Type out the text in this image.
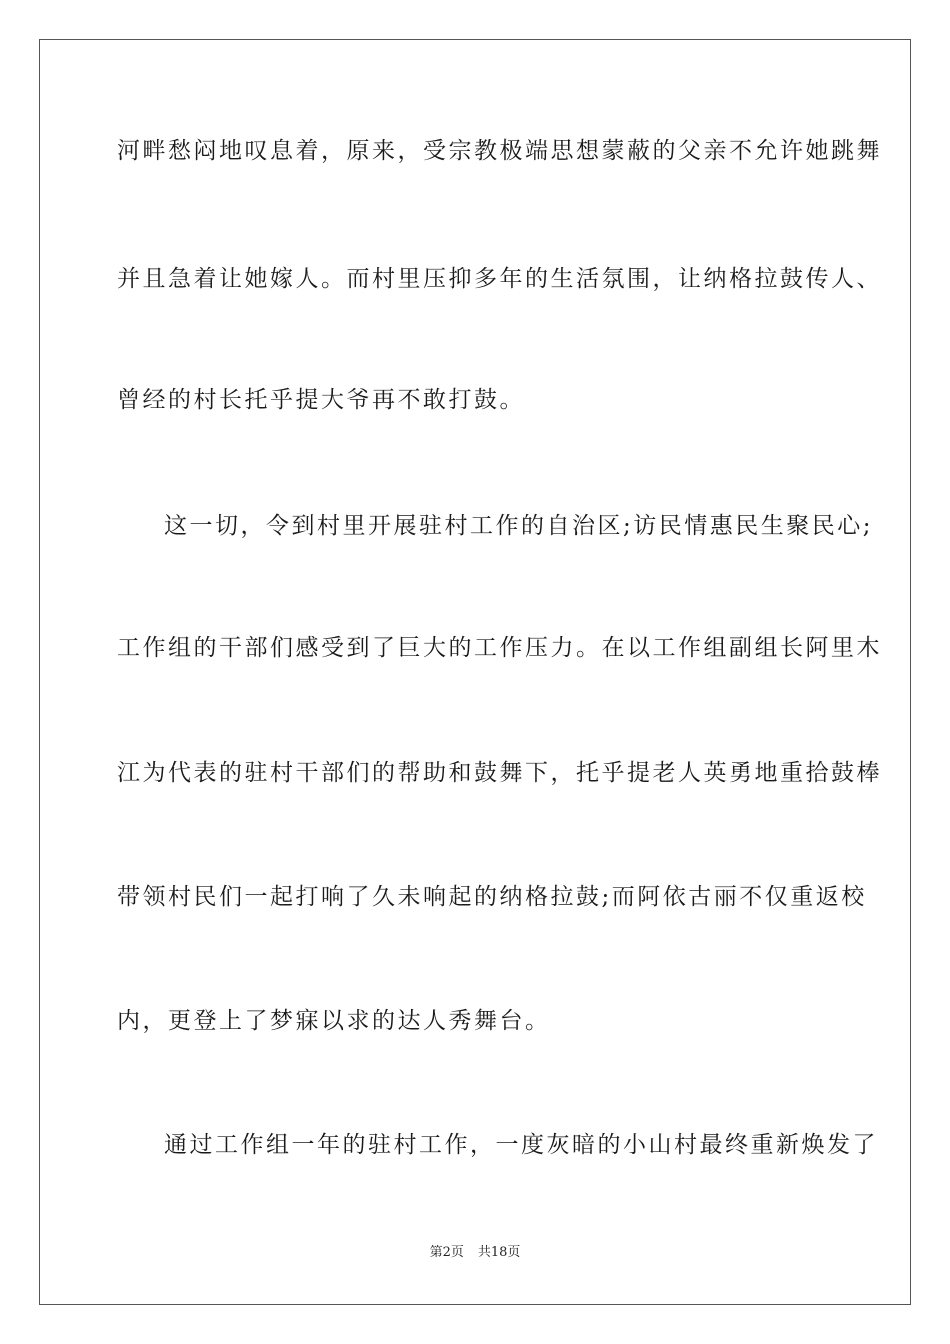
河畔愁闷地叹息着，原来，受宗教极端思想蒙蔽的父亲不允许她跳舞
并且急着让她嫁人。而村里压抑多年的生活氛围，让纳格拉鼓传人、
曾经的村长托乎提大爷再不敢打鼓。
这一切，令到村里开展驻村工作的自治区;访民情惠民生聚民心;
工作组的干部们感受到了巨大的工作压力。在以工作组副组长阿里木
江为代表的驻村干部们的帮助和鼓舞下，托乎提老人英勇地重拾鼓棒
带领村民们一起打响了久未响起的纳格拉鼓;而阿依古丽不仅重返校
内，更登上了梦寐以求的达人秀舞台。
通过工作组一年的驻村工作，一度灰暗的小山村最终重新焕发了
第2页 共18页
